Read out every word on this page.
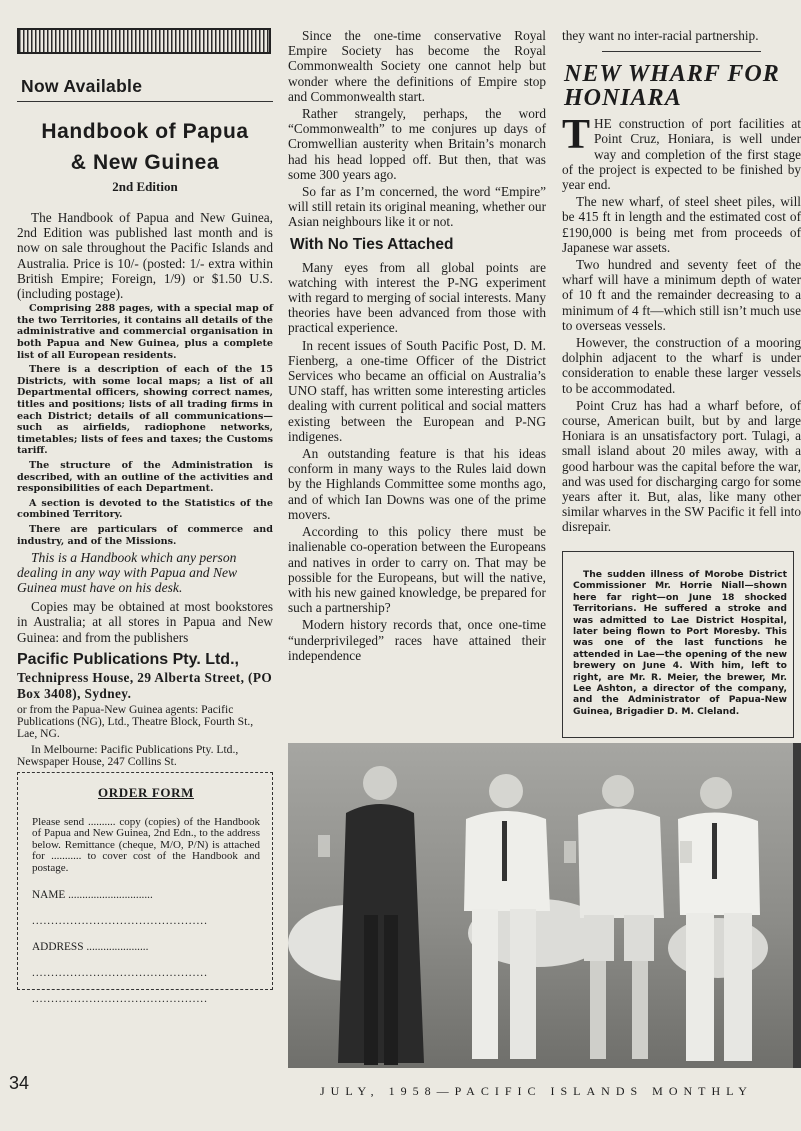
Now Available
Handbook of Papua
& New Guinea
2nd Edition

The Handbook of Papua and New Guinea, 2nd Edition was published last month and is now on sale throughout the Pacific Islands and Australia. Price is 10/- (posted: 1/- extra within British Empire; Foreign, 1/9) or $1.50 U.S. (including postage).

Comprising 288 pages, with a special map of the two Territories, it contains all details of the administrative and commercial organisation in both Papua and New Guinea, plus a complete list of all European residents.

There is a description of each of the 15 Districts, with some local maps; a list of all Departmental officers, showing correct names, titles and positions; lists of all trading firms in each District; details of all communications—such as airfields, radiophone networks, timetables; lists of fees and taxes; the Customs tariff.

The structure of the Administration is described, with an outline of the activities and responsibilities of each Department.

A section is devoted to the Statistics of the combined Territory.

There are particulars of commerce and industry, and of the Missions.

This is a Handbook which any person dealing in any way with Papua and New Guinea must have on his desk.

Copies may be obtained at most bookstores in Australia; at all stores in Papua and New Guinea: and from the publishers

Pacific Publications Pty. Ltd.,
Technipress House, 29 Alberta Street, (PO Box 3408), Sydney.

or from the Papua-New Guinea agents: Pacific Publications (NG), Ltd., Theatre Block, Fourth St., Lae, NG.

In Melbourne: Pacific Publications Pty. Ltd., Newspaper House, 247 Collins St.

ORDER FORM

Please send .......... copy (copies) of the Handbook of Papua and New Guinea, 2nd Edn., to the address below. Remittance (cheque, M/O, P/N) is attached for ........... to cover cost of the Handbook and postage.

NAME ..............................
..............................................
ADDRESS ......................
..............................................
..............................................

Since the one-time conservative Royal Empire Society has become the Royal Commonwealth Society one cannot help but wonder where the definitions of Empire stop and Commonwealth start.

Rather strangely, perhaps, the word “Commonwealth” to me conjures up days of Cromwellian austerity when Britain’s monarch had his head lopped off. But then, that was some 300 years ago.

So far as I’m concerned, the word “Empire” will still retain its original meaning, whether our Asian neighbours like it or not.

With No Ties Attached

Many eyes from all global points are watching with interest the P-NG experiment with regard to merging of social interests. Many theories have been advanced from those with practical experience.

In recent issues of South Pacific Post, D. M. Fienberg, a one-time Officer of the District Services who became an official on Australia’s UNO staff, has written some interesting articles dealing with current political and social matters existing between the European and P-NG indigenes.

An outstanding feature is that his ideas conform in many ways to the Rules laid down by the Highlands Committee some months ago, and of which Ian Downs was one of the prime movers.

According to this policy there must be inalienable co-operation between the Europeans and natives in order to carry on. That may be possible for the Europeans, but will the native, with his new gained knowledge, be prepared for such a partnership?

Modern history records that, once one-time “underprivileged” races have attained their independence

they want no inter-racial partnership.

NEW WHARF FOR
HONIARA

THE construction of port facilities at Point Cruz, Honiara, is well under way and completion of the first stage of the project is expected to be finished by year end.

The new wharf, of steel sheet piles, will be 415 ft in length and the estimated cost of £190,000 is being met from proceeds of Japanese war assets.

Two hundred and seventy feet of the wharf will have a minimum depth of water of 10 ft and the remainder decreasing to a minimum of 4 ft—which still isn’t much use to overseas vessels.

However, the construction of a mooring dolphin adjacent to the wharf is under consideration to enable these larger vessels to be accommodated.

Point Cruz has had a wharf before, of course, American built, but by and large Honiara is an unsatisfactory port. Tulagi, a small island about 20 miles away, with a good harbour was the capital before the war, and was used for discharging cargo for some years after it. But, alas, like many other similar wharves in the SW Pacific it fell into disrepair.

The sudden illness of Morobe District Commissioner Mr. Horrie Niall—shown here far right—on June 18 shocked Territorians. He suffered a stroke and was admitted to Lae District Hospital, later being flown to Port Moresby. This was one of the last functions he attended in Lae—the opening of the new brewery on June 4. With him, left to right, are Mr. R. Meier, the brewer, Mr. Lee Ashton, a director of the company, and the Administrator of Papua-New Guinea, Brigadier D. M. Cleland.

34	JULY, 1958—PACIFIC ISLANDS MONTHLY
